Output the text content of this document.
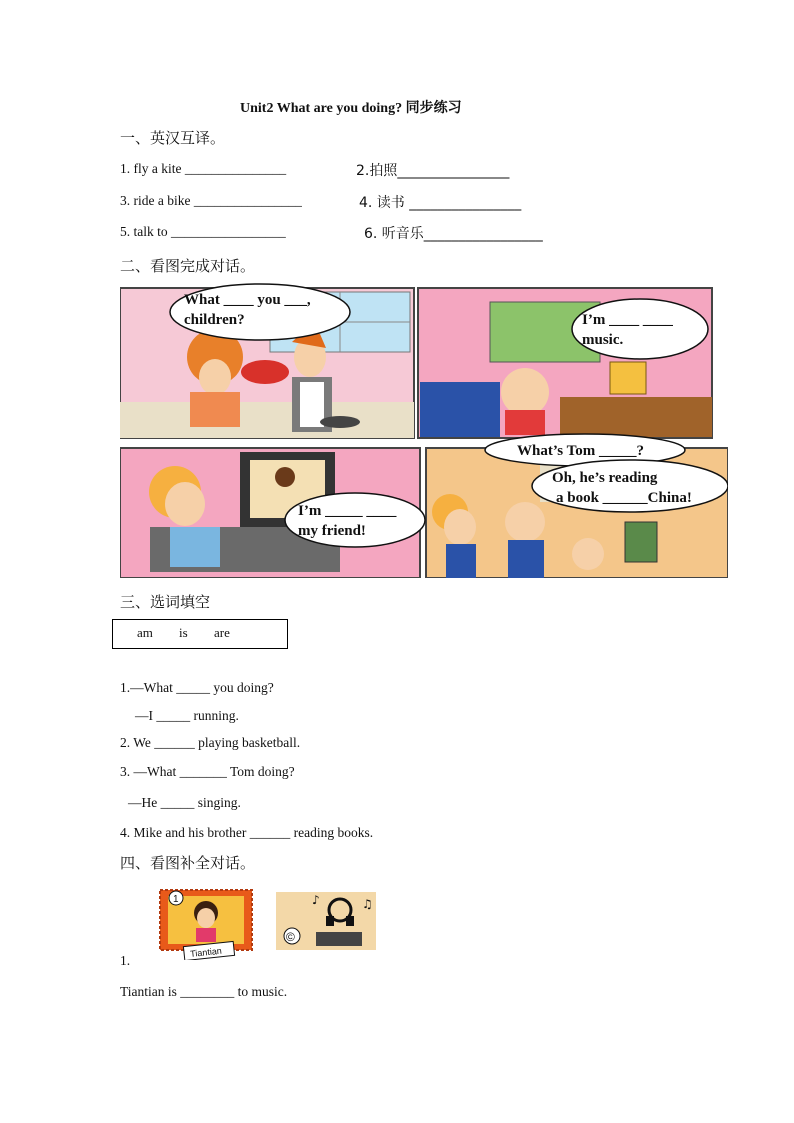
Unit2 What are you doing? 同步练习
一、英汉互译。
1. fly a kite _______________	2.拍照________________
3. ride a bike ________________	4. 读书 ________________
5. talk to _________________	6. 听音乐_________________
二、看图完成对话。
What ____ you ___,
children?	I’m ____ ____
music.
I’m _____ ____
my friend!
What’s Tom _____?
Oh, he’s reading
a book ______China!
三、选词填空
am is are
1.—What _____ you doing?
—I _____ running.
2. We ______ playing basketball.
3. —What _______ Tom doing?
—He _____ singing.
4. Mike and his brother ______ reading books.
四、看图补全对话。
1
Tiantian
♪	♫
©
1.
Tiantian is ________ to music.
